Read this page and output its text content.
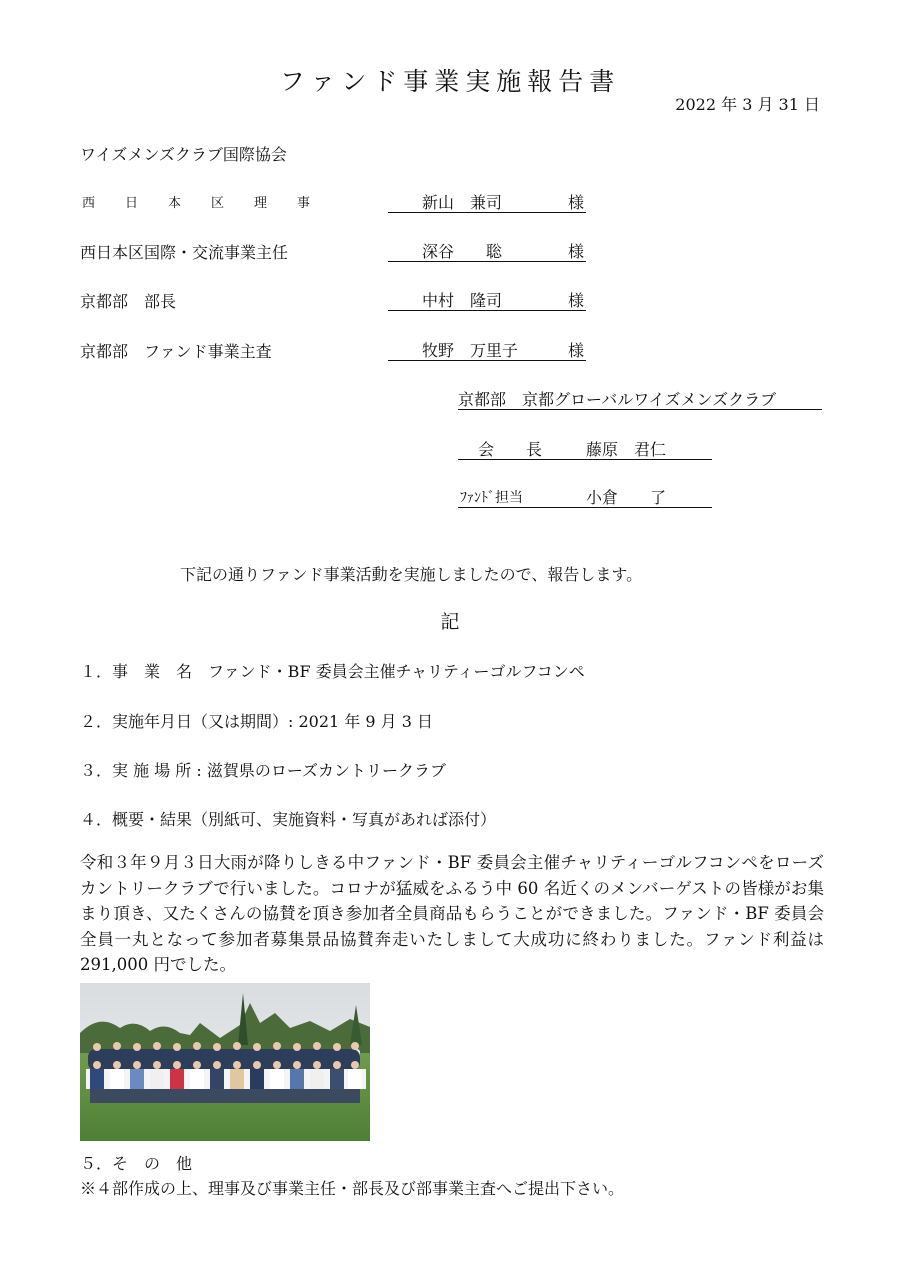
ファンド事業実施報告書
2022 年 3 月 31 日
ワイズメンズクラブ国際協会
西日本区理事	新山　兼司	様
西日本区国際・交流事業主任	深谷　　聡	様
京都部　部長	中村　隆司	様
京都部　ファンド事業主査	牧野　万里子	様
京都部　京都グローバルワイズメンズクラブ
会　　長	藤原　君仁
ﾌｧﾝﾄﾞ担当	小倉　　了
下記の通りファンド事業活動を実施しましたので、報告します。
記
１．事　業　名　ファンド・BF 委員会主催チャリティーゴルフコンペ
２．実施年月日（又は期間）: 2021 年 9 月 3 日
３．実 施 場 所 : 滋賀県のローズカントリークラブ
４．概要・結果（別紙可、実施資料・写真があれば添付）
令和３年９月３日大雨が降りしきる中ファンド・BF 委員会主催チャリティーゴルフコンペをローズカントリークラブで行いました。コロナが猛威をふるう中 60 名近くのメンバーゲストの皆様がお集まり頂き、又たくさんの協賛を頂き参加者全員商品もらうことができました。ファンド・BF 委員会全員一丸となって参加者募集景品協賛奔走いたしまして大成功に終わりました。ファンド利益は 291,000 円でした。
５．そ　の　他
※４部作成の上、理事及び事業主任・部長及び部事業主査へご提出下さい。
